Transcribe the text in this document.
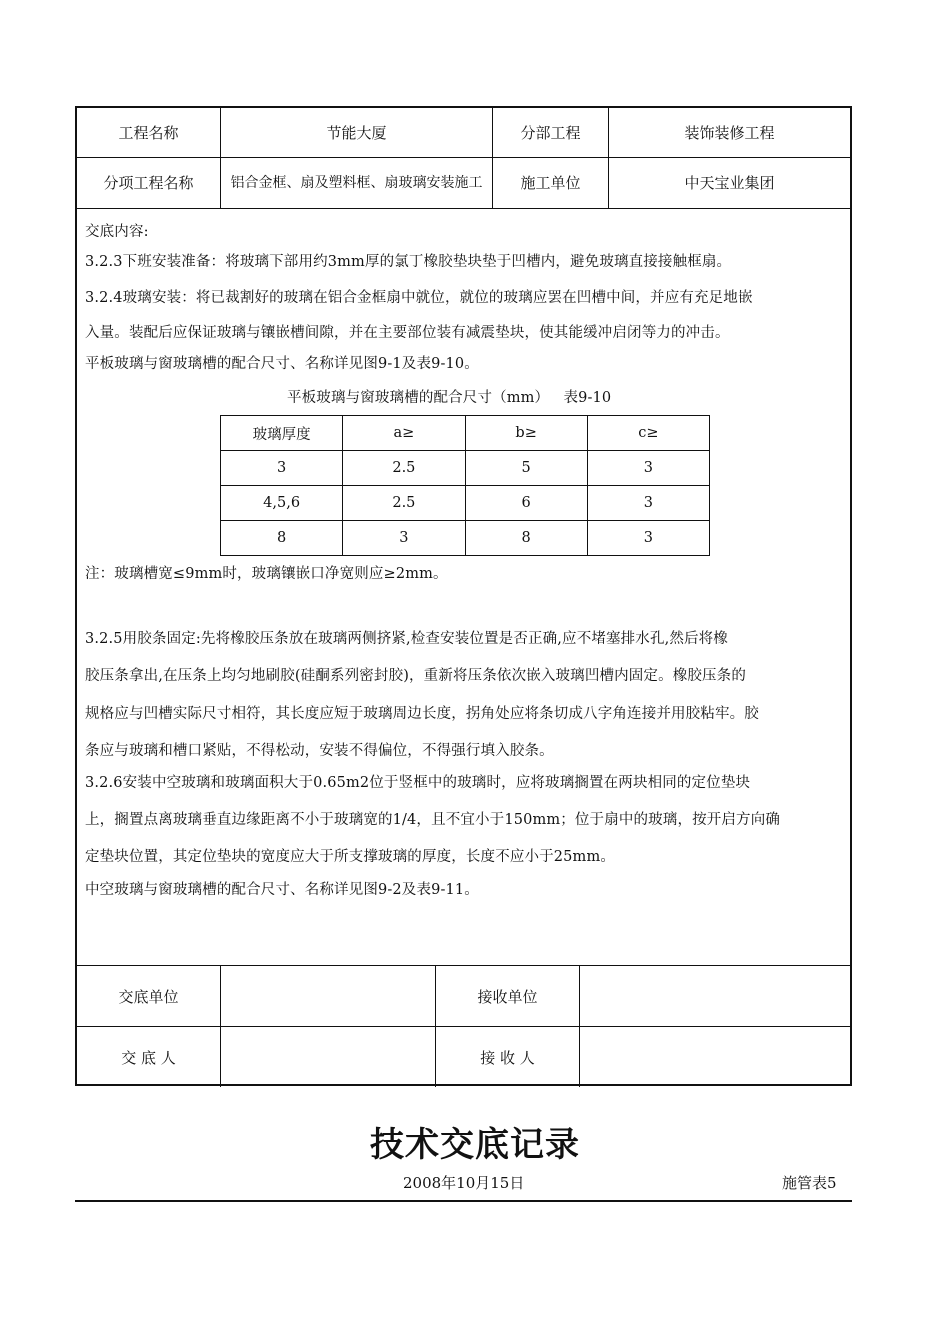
工程名称	节能大厦	分部工程	装饰装修工程
分项工程名称	铝合金框、扇及塑料框、扇玻璃安装施工	施工单位	中天宝业集团
交底内容:
3.2.3下班安装准备：将玻璃下部用约3mm厚的氯丁橡胶垫块垫于凹槽内，避免玻璃直接接触框扇。
3.2.4玻璃安装：将已裁割好的玻璃在铝合金框扇中就位，就位的玻璃应罢在凹槽中间，并应有充足地嵌
入量。装配后应保证玻璃与镶嵌槽间隙，并在主要部位装有减震垫块，使其能缓冲启闭等力的冲击。
平板玻璃与窗玻璃槽的配合尺寸、名称详见图9-1及表9-10。
平板玻璃与窗玻璃槽的配合尺寸（mm）   表9-10
玻璃厚度	a≥	b≥	c≥
3	2.5	5	3
4,5,6	2.5	6	3
8	3	8	3
注：玻璃槽宽≤9mm时，玻璃镶嵌口净宽则应≥2mm。
3.2.5用胶条固定:先将橡胶压条放在玻璃两侧挤紧,检查安装位置是否正确,应不堵塞排水孔,然后将橡
胶压条拿出,在压条上均匀地刷胶(硅酮系列密封胶)，重新将压条依次嵌入玻璃凹槽内固定。橡胶压条的
规格应与凹槽实际尺寸相符，其长度应短于玻璃周边长度，拐角处应将条切成八字角连接并用胶粘牢。胶
条应与玻璃和槽口紧贴，不得松动，安装不得偏位，不得强行填入胶条。
3.2.6安装中空玻璃和玻璃面积大于0.65m2位于竖框中的玻璃时，应将玻璃搁置在两块相同的定位垫块
上，搁置点离玻璃垂直边缘距离不小于玻璃宽的1/4，且不宜小于150mm；位于扇中的玻璃，按开启方向确
定垫块位置，其定位垫块的宽度应大于所支撑玻璃的厚度，长度不应小于25mm。
中空玻璃与窗玻璃槽的配合尺寸、名称详见图9-2及表9-11。
交底单位	接收单位
交 底 人	接 收 人
技术交底记录
2008年10月15日	施管表5
